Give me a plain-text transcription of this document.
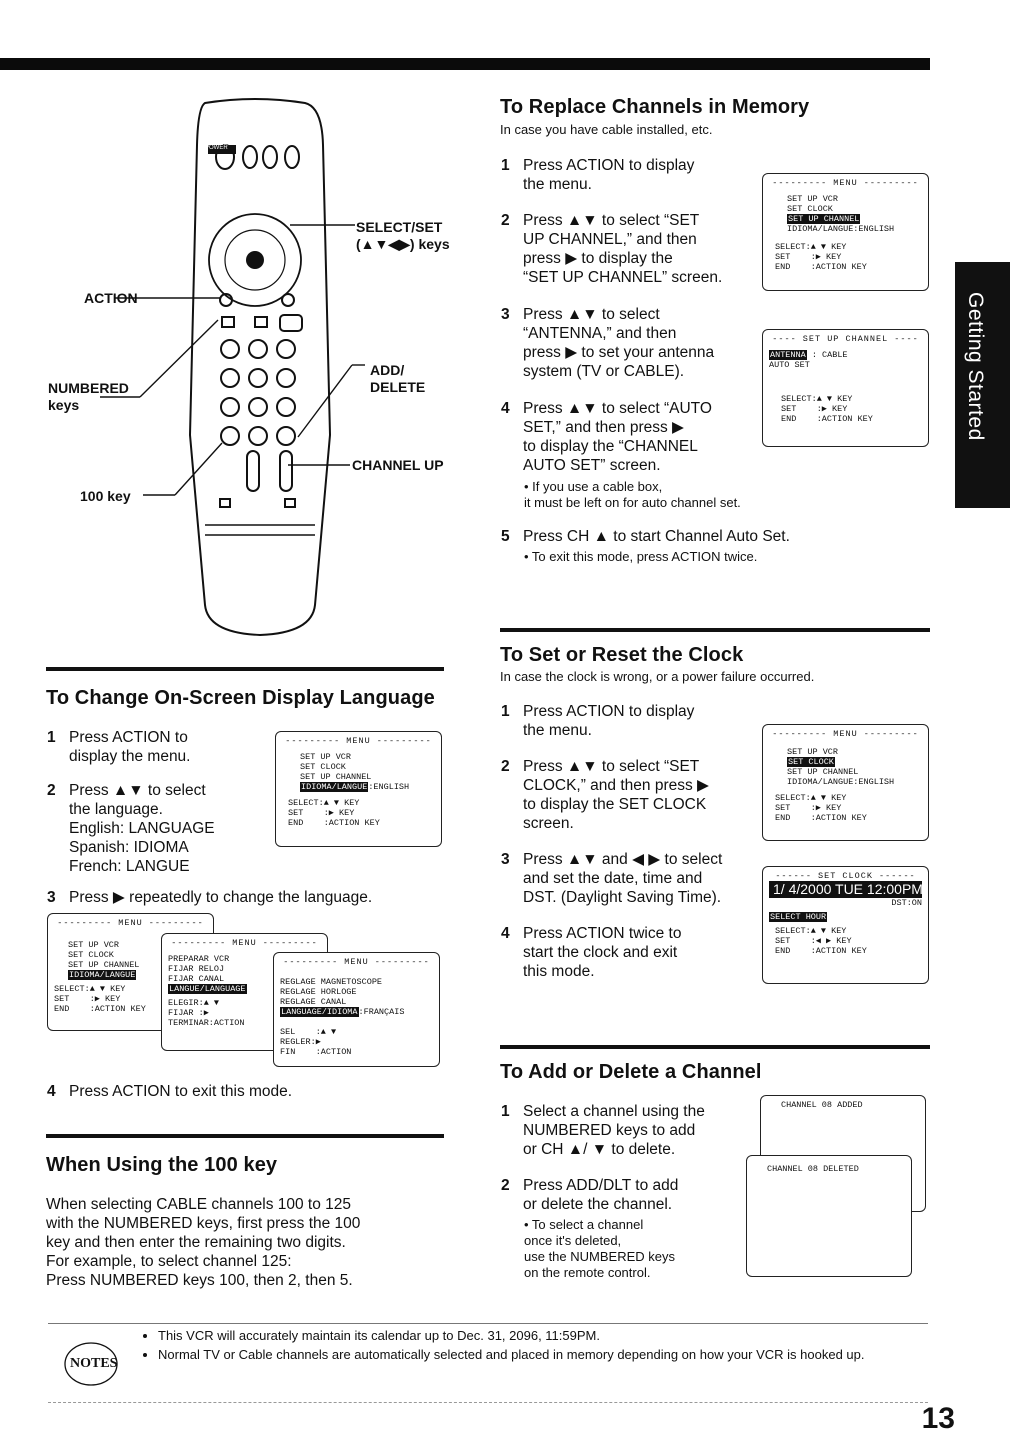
Getting Started
POWER
SELECT/SET
(▲▼◀▶) keys
ACTION
NUMBERED
keys
ADD/
DELETE
CHANNEL UP
100 key
To Replace Channels in Memory
In case you have cable installed, etc.
1 Press ACTION to display
the menu.
2 Press ▲▼ to select “SET
UP CHANNEL,” and then
press ▶ to display the
“SET UP CHANNEL” screen.
3 Press ▲▼ to select
“ANTENNA,” and then
press ▶ to set your antenna
system (TV or CABLE).
4 Press ▲▼ to select “AUTO
SET,” and then press ▶
to display the “CHANNEL
AUTO SET” screen.
• If you use a cable box,
it must be left on for auto channel set.
5 Press CH ▲ to start Channel Auto Set.
• To exit this mode, press ACTION twice.
--------- MENU ---------
SET UP VCR
SET CLOCK
SET UP CHANNEL
IDIOMA/LANGUE:ENGLISH
SELECT:▲ ▼ KEY
SET    :▶ KEY
END    :ACTION KEY
---- SET UP CHANNEL ----
ANTENNA : CABLE
AUTO SET
SELECT:▲ ▼ KEY
SET    :▶ KEY
END    :ACTION KEY
To Change On-Screen Display Language
1 Press ACTION to
display the menu.
2 Press ▲▼ to select
the language.
English: LANGUAGE
Spanish: IDIOMA
French: LANGUE
3 Press ▶ repeatedly to change the language.
4 Press ACTION to exit this mode.
--------- MENU ---------
SET UP VCR
SET CLOCK
SET UP CHANNEL
IDIOMA/LANGUE:ENGLISH
SELECT:▲ ▼ KEY
SET    :▶ KEY
END    :ACTION KEY
--------- MENU ---------
SET UP VCR
SET CLOCK
SET UP CHANNEL
IDIOMA/LANGUE
SELECT:▲ ▼ KEY
SET    :▶ KEY
END    :ACTION KEY
--------- MENU ---------
PREPARAR VCR
FIJAR RELOJ
FIJAR CANAL
LANGUE/LANGUAGE
ELEGIR:▲ ▼
FIJAR :▶
TERMINAR:ACTION
--------- MENU ---------
REGLAGE MAGNETOSCOPE
REGLAGE HORLOGE
REGLAGE CANAL
LANGUAGE/IDIOMA:FRANÇAIS
SEL    :▲ ▼
REGLER:▶
FIN    :ACTION
When Using the 100 key
When selecting CABLE channels 100 to 125
with the NUMBERED keys, first press the 100
key and then enter the remaining two digits.
For example, to select channel 125:
Press NUMBERED keys 100, then 2, then 5.
To Set or Reset the Clock
In case the clock is wrong, or a power failure occurred.
1 Press ACTION to display
the menu.
2 Press ▲▼ to select “SET
CLOCK,” and then press ▶
to display the SET CLOCK
screen.
3 Press ▲▼ and ◀ ▶ to select
and set the date, time and
DST. (Daylight Saving Time).
4 Press ACTION twice to
start the clock and exit
this mode.
--------- MENU ---------
SET UP VCR
SET CLOCK
SET UP CHANNEL
IDIOMA/LANGUE:ENGLISH
SELECT:▲ ▼ KEY
SET    :▶ KEY
END    :ACTION KEY
------ SET CLOCK ------
1/ 4/2000 TUE 12:00PM
DST:ON
SELECT HOUR
SELECT:▲ ▼ KEY
SET    :◀ ▶ KEY
END    :ACTION KEY
To Add or Delete a Channel
1 Select a channel using the
NUMBERED keys to add
or CH ▲/ ▼ to delete.
2 Press ADD/DLT to add
or delete the channel.
• To select a channel
once it's deleted,
use the NUMBERED keys
on the remote control.
CHANNEL 08 ADDED
CHANNEL 08 DELETED
NOTES
• This VCR will accurately maintain its calendar up to Dec. 31, 2096, 11:59PM.
• Normal TV or Cable channels are automatically selected and placed in memory depending on how your VCR is hooked up.
13
